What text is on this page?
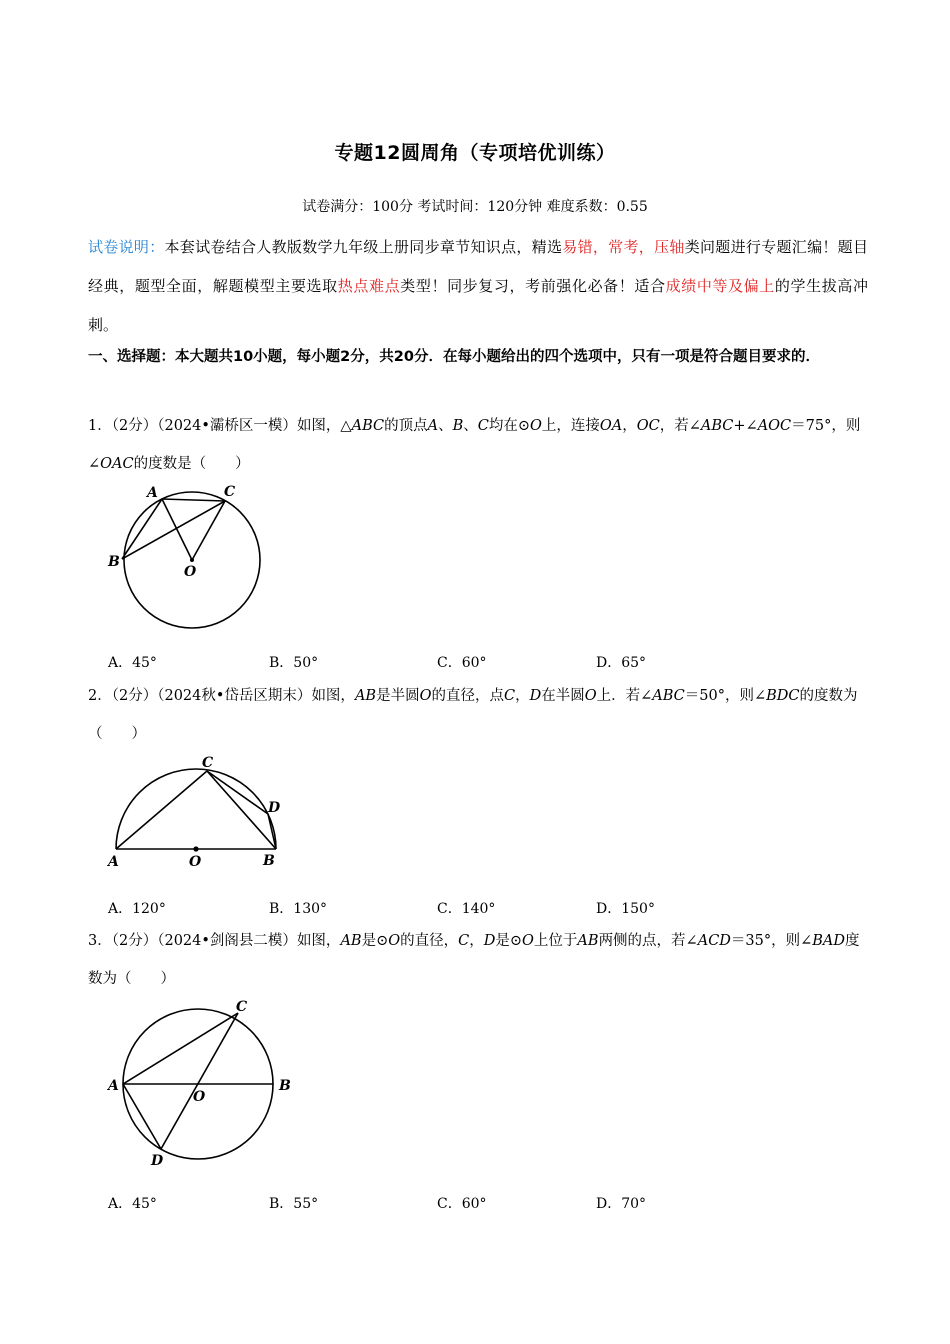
专题12圆周角（专项培优训练）
试卷满分：100分 考试时间：120分钟 难度系数：0.55
试卷说明：本套试卷结合人教版数学九年级上册同步章节知识点，精选易错，常考，压轴类问题进行专题汇编！题目经典，题型全面，解题模型主要选取热点难点类型！同步复习，考前强化必备！适合成绩中等及偏上的学生拔高冲刺。
一、选择题：本大题共10小题，每小题2分，共20分．在每小题给出的四个选项中，只有一项是符合题目要求的．
1．（2分）（2024•灞桥区一模）如图，△ABC的顶点A、B、C均在⊙O上，连接OA，OC，若∠ABC+∠AOC＝75°，则∠OAC的度数是（　　）
A	C
B
O
A．45°	B．50°	C．60°	D．65°
2．（2分）（2024秋•岱岳区期末）如图，AB是半圆O的直径，点C，D在半圆O上．若∠ABC＝50°，则∠BDC的度数为（　　）
C
D
A	O	B
A．120°	B．130°	C．140°	D．150°
3．（2分）（2024•剑阁县二模）如图，AB是⊙O的直径，C，D是⊙O上位于AB两侧的点，若∠ACD＝35°，则∠BAD度数为（　　）
C
A	B
O
D
A．45°	B．55°	C．60°	D．70°
